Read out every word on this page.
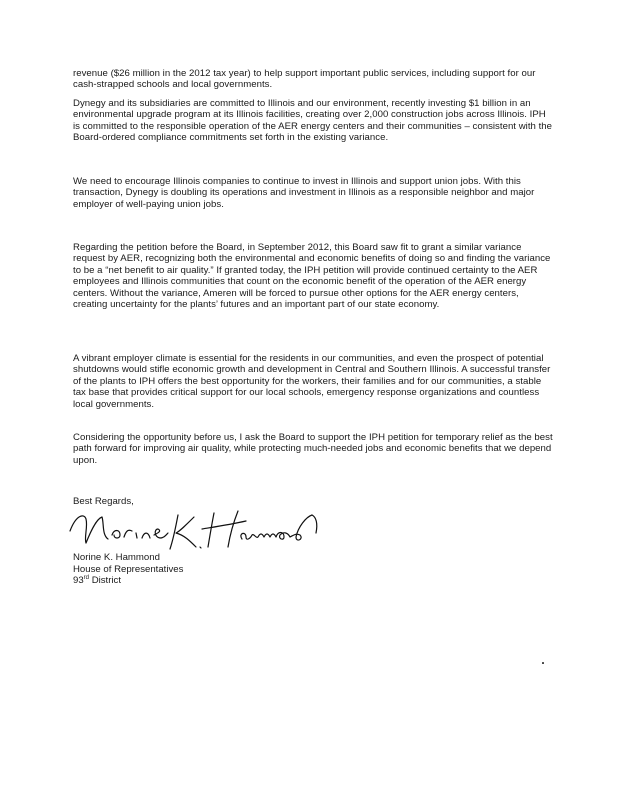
revenue ($26 million in the 2012 tax year) to help support important public services, including support for our cash-strapped schools and local governments.

Dynegy and its subsidiaries are committed to Illinois and our environment, recently investing $1 billion in an environmental upgrade program at its Illinois facilities, creating over 2,000 construction jobs across Illinois. IPH is committed to the responsible operation of the AER energy centers and their communities – consistent with the Board-ordered compliance commitments set forth in the existing variance.

We need to encourage Illinois companies to continue to invest in Illinois and support union jobs. With this transaction, Dynegy is doubling its operations and investment in Illinois as a responsible neighbor and major employer of well-paying union jobs.

Regarding the petition before the Board, in September 2012, this Board saw fit to grant a similar variance request by AER, recognizing both the environmental and economic benefits of doing so and finding the variance to be a “net benefit to air quality.” If granted today, the IPH petition will provide continued certainty to the AER employees and Illinois communities that count on the economic benefit of the operation of the AER energy centers. Without the variance, Ameren will be forced to pursue other options for the AER energy centers, creating uncertainty for the plants’ futures and an important part of our state economy.

A vibrant employer climate is essential for the residents in our communities, and even the prospect of potential shutdowns would stifle economic growth and development in Central and Southern Illinois. A successful transfer of the plants to IPH offers the best opportunity for the workers, their families and for our communities, a stable tax base that provides critical support for our local schools, emergency response organizations and countless local governments.

Considering the opportunity before us, I ask the Board to support the IPH petition for temporary relief as the best path forward for improving air quality, while protecting much-needed jobs and economic benefits that we depend upon.

Best Regards,

Norine K. Hammond
House of Representatives
93rd District
